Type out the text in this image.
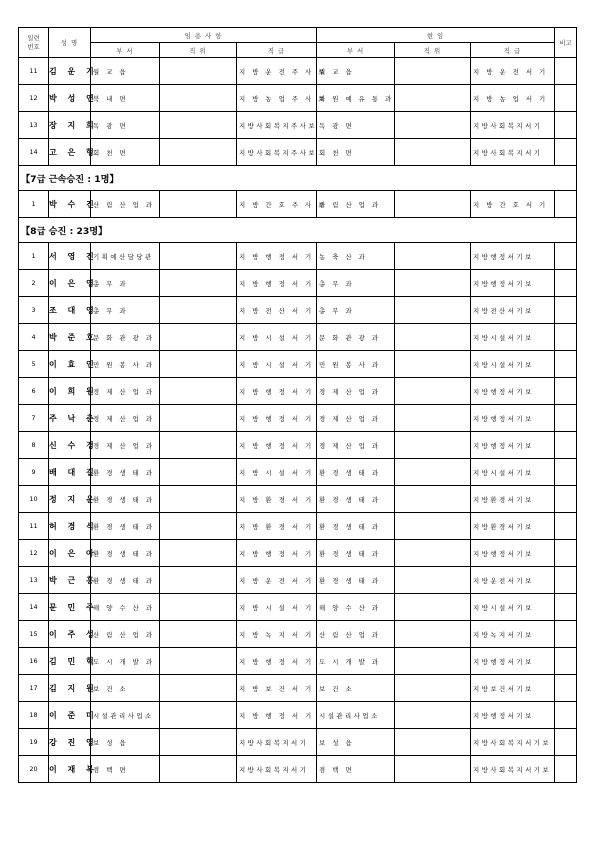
일련
번호	성 명	임 용 사 항			현 임			비고
		부 서	직 위	직 급	부 서	직 위	직 급	
11	김 운 기	월 교 읍		지 방 운 전 주 사 보	월 교 읍		지 방 운 전 서 기	
12	박 성 연	북 내 면		지 방 농 업 주 사 보	차 원 예 유 통 과		지 방 농 업 서 기	
13	장 지 희	독 광 면		지방사회복지주사보	독 광 면		지방사회복지서기	
14	고 은 형	회 천 면		지방사회복지주사보	회 천 면		지방사회복지서기	
【7급 근속승진 : 1명】								
1	박 수 진	산 림 산 업 과		지 방 간 호 주 사 보	산 림 산 업 과		지 방 간 호 서 기	
【8급 승진 : 23명】								
1	서 영 진	기획예산담당관		지 방 행 정 서 기	농 축 산 과		지방행정서기보	
2	이 은 영	총 무 과		지 방 행 정 서 기	총 무 과		지방행정서기보	
3	조 대 영	총 무 과		지 방 전 산 서 기	총 무 과		지방전산서기보	
4	박 준 호	문 화 관 광 과		지 방 시 설 서 기	문 화 관 광 과		지방시설서기보	
5	이 효 인	민 원 봉 사 과		지 방 시 설 서 기	민 원 봉 사 과		지방시설서기보	
6	이 희 원	경 제 산 업 과		지 방 행 정 서 기	경 제 산 업 과		지방행정서기보	
7	주 낙 춘	경 제 산 업 과		지 방 행 정 서 기	경 제 산 업 과		지방행정서기보	
8	신 수 경	경 제 산 업 과		지 방 행 정 서 기	경 제 산 업 과		지방행정서기보	
9	배 대 길	환 경 생 태 과		지 방 시 설 서 기	환 경 생 태 과		지방시설서기보	
10	정 지 운	환 경 생 태 과		지 방 환 경 서 기	환 경 생 태 과		지방환경서기보	
11	허 경 식	환 경 생 태 과		지 방 환 경 서 기	환 경 생 태 과		지방환경서기보	
12	이 은 아	환 경 생 태 과		지 방 행 정 서 기	환 경 생 태 과		지방행정서기보	
13	박 근 홍	환 경 생 태 과		지 방 운 전 서 기	환 경 생 태 과		지방운전서기보	
14	문 민 주	해 양 수 산 과		지 방 시 설 서 기	해 양 수 산 과		지방시설서기보	
15	이 주 성	산 림 산 업 과		지 방 녹 지 서 기	산 림 산 업 과		지방녹지서기보	
16	김 민 혁	도 시 개 발 과		지 방 행 정 서 기	도 시 개 발 과		지방행정서기보	
17	김 지 원	보 건 소		지 방 보 건 서 기	보 건 소		지방보건서기보	
18	이 준 미	시설관리사업소		지 방 행 정 서 기	시설관리사업소		지방행정서기보	
19	강 진 영	보 성 읍		지방사회복지서기	보 성 읍		지방사회복지서기보	
20	이 재 복	겸 백 면		지방사회복지서기	겸 백 면		지방사회복지서기보	
